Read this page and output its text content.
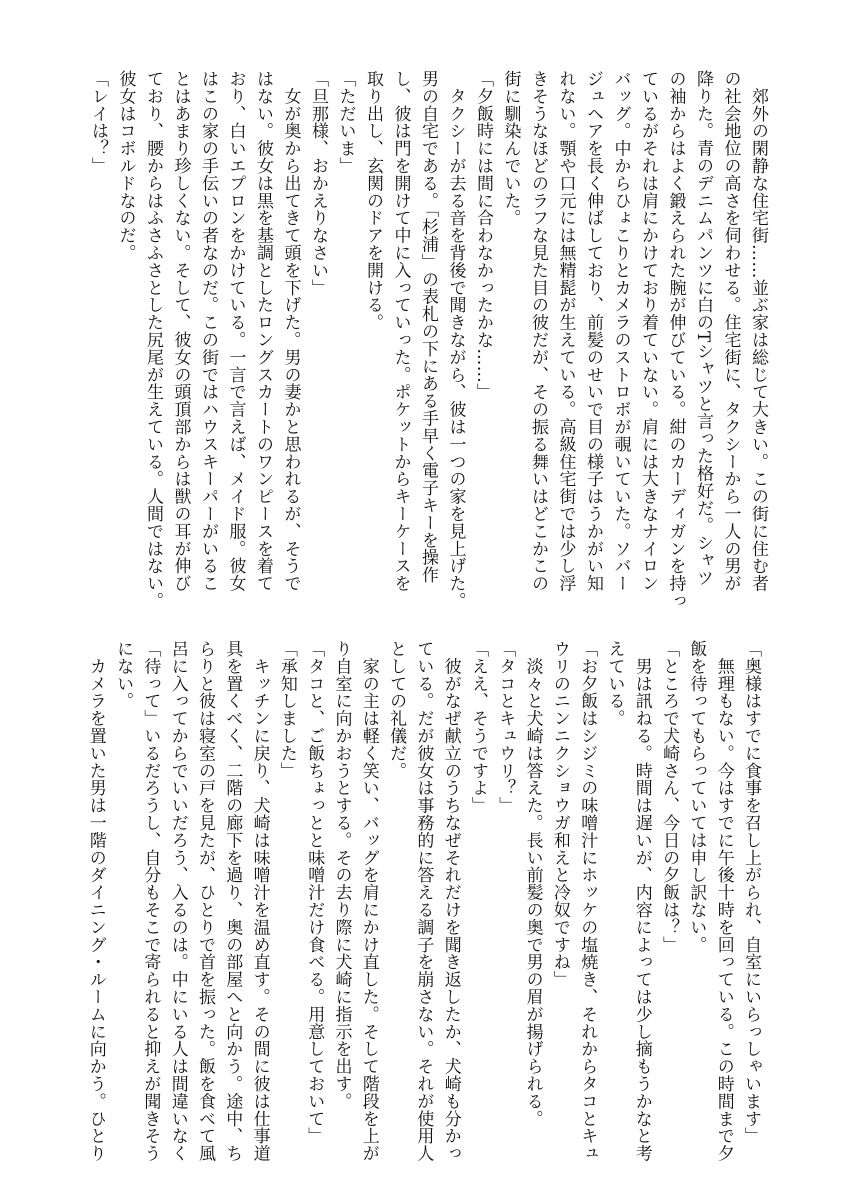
　郊外の閑静な住宅街……並ぶ家は総じて大きい。この街に住む者
の社会地位の高さを伺わせる。住宅街に、タクシーから一人の男が
降りた。青のデニムパンツに白のTシャツと言った格好だ。シャツ
の袖からはよく鍛えられた腕が伸びている。紺のカーディガンを持っ
ているがそれは肩にかけており着ていない。肩には大きなナイロン
バッグ。中からひょこりとカメラのストロボが覗いていた。ソバー
ジュヘアを長く伸ばしており、前髪のせいで目の様子はうかがい知
れない。顎や口元には無精髭が生えている。高級住宅街では少し浮
きそうなほどのラフな見た目の彼だが、その振る舞いはどこかこの
街に馴染んでいた。
「夕飯時には間に合わなかったかな……」
　タクシーが去る音を背後で聞きながら、彼は一つの家を見上げた。
男の自宅である。「杉浦」の表札の下にある手早く電子キーを操作
し、彼は門を開けて中に入っていった。ポケットからキーケースを
取り出し、玄関のドアを開ける。
「ただいま」
「旦那様、おかえりなさい」
　女が奥から出てきて頭を下げた。男の妻かと思われるが、そうで
はない。彼女は黒を基調としたロングスカートのワンピースを着て
おり、白いエプロンをかけている。一言で言えば、メイド服。彼女
はこの家の手伝いの者なのだ。この街ではハウスキーパーがいるこ
とはあまり珍しくない。そして、彼女の頭頂部からは獣の耳が伸び
ており、腰からはふさふさとした尻尾が生えている。人間ではない。
彼女はコボルドなのだ。
「レイは？」
「奥様はすでに食事を召し上がられ、自室にいらっしゃいます」
　無理もない。今はすでに午後十時を回っている。この時間まで夕
飯を待ってもらっていては申し訳ない。
「ところで犬崎さん、今日の夕飯は？」
　男は訊ねる。時間は遅いが、内容によっては少し摘もうかなと考
えている。
「お夕飯はシジミの味噌汁にホッケの塩焼き、それからタコとキュ
ウリのニンニクショウガ和えと冷奴ですね」
　淡々と犬崎は答えた。長い前髪の奥で男の眉が揚げられる。
「タコとキュウリ？」
「ええ、そうですよ」
　彼がなぜ献立のうちなぜそれだけを聞き返したか、犬崎も分かっ
ている。だが彼女は事務的に答える調子を崩さない。それが使用人
としての礼儀だ。
　家の主は軽く笑い、バッグを肩にかけ直した。そして階段を上が
り自室に向かおうとする。その去り際に犬崎に指示を出す。
「タコと、ご飯ちょっとと味噌汁だけ食べる。用意しておいて」
「承知しました」
　キッチンに戻り、犬崎は味噌汁を温め直す。その間に彼は仕事道
具を置くべく、二階の廊下を過り、奥の部屋へと向かう。途中、ち
らりと彼は寝室の戸を見たが、ひとりで首を振った。飯を食べて風
呂に入ってからでいいだろう、入るのは。中にいる人は間違いなく
「待って」いるだろうし、自分もそこで寄られると抑えが聞きそう
にない。
　カメラを置いた男は一階のダイニング・ルームに向かう。ひとり
